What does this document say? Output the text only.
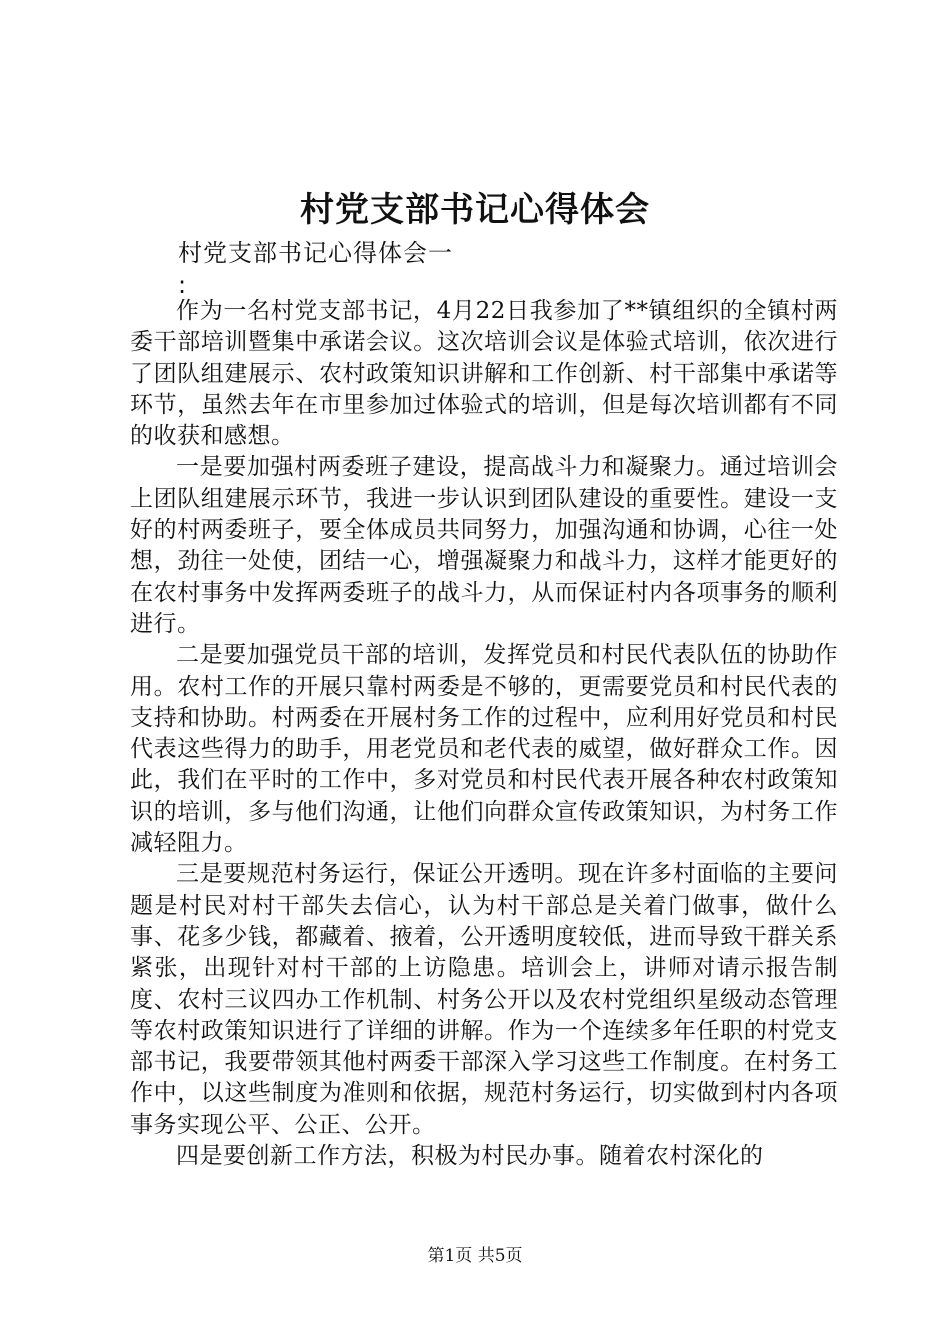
村党支部书记心得体会

村党支部书记心得体会一

:

作为一名村党支部书记，4月22日我参加了**镇组织的全镇村两委干部培训暨集中承诺会议。这次培训会议是体验式培训，依次进行了团队组建展示、农村政策知识讲解和工作创新、村干部集中承诺等环节，虽然去年在市里参加过体验式的培训，但是每次培训都有不同的收获和感想。

一是要加强村两委班子建设，提高战斗力和凝聚力。通过培训会上团队组建展示环节，我进一步认识到团队建设的重要性。建设一支好的村两委班子，要全体成员共同努力，加强沟通和协调，心往一处想，劲往一处使，团结一心，增强凝聚力和战斗力，这样才能更好的在农村事务中发挥两委班子的战斗力，从而保证村内各项事务的顺利进行。

二是要加强党员干部的培训，发挥党员和村民代表队伍的协助作用。农村工作的开展只靠村两委是不够的，更需要党员和村民代表的支持和协助。村两委在开展村务工作的过程中，应利用好党员和村民代表这些得力的助手，用老党员和老代表的威望，做好群众工作。因此，我们在平时的工作中，多对党员和村民代表开展各种农村政策知识的培训，多与他们沟通，让他们向群众宣传政策知识，为村务工作减轻阻力。

三是要规范村务运行，保证公开透明。现在许多村面临的主要问题是村民对村干部失去信心，认为村干部总是关着门做事，做什么事、花多少钱，都藏着、掖着，公开透明度较低，进而导致干群关系紧张，出现针对村干部的上访隐患。培训会上，讲师对请示报告制度、农村三议四办工作机制、村务公开以及农村党组织星级动态管理等农村政策知识进行了详细的讲解。作为一个连续多年任职的村党支部书记，我要带领其他村两委干部深入学习这些工作制度。在村务工作中，以这些制度为准则和依据，规范村务运行，切实做到村内各项事务实现公平、公正、公开。

四是要创新工作方法，积极为村民办事。随着农村深化的

第1页 共5页
